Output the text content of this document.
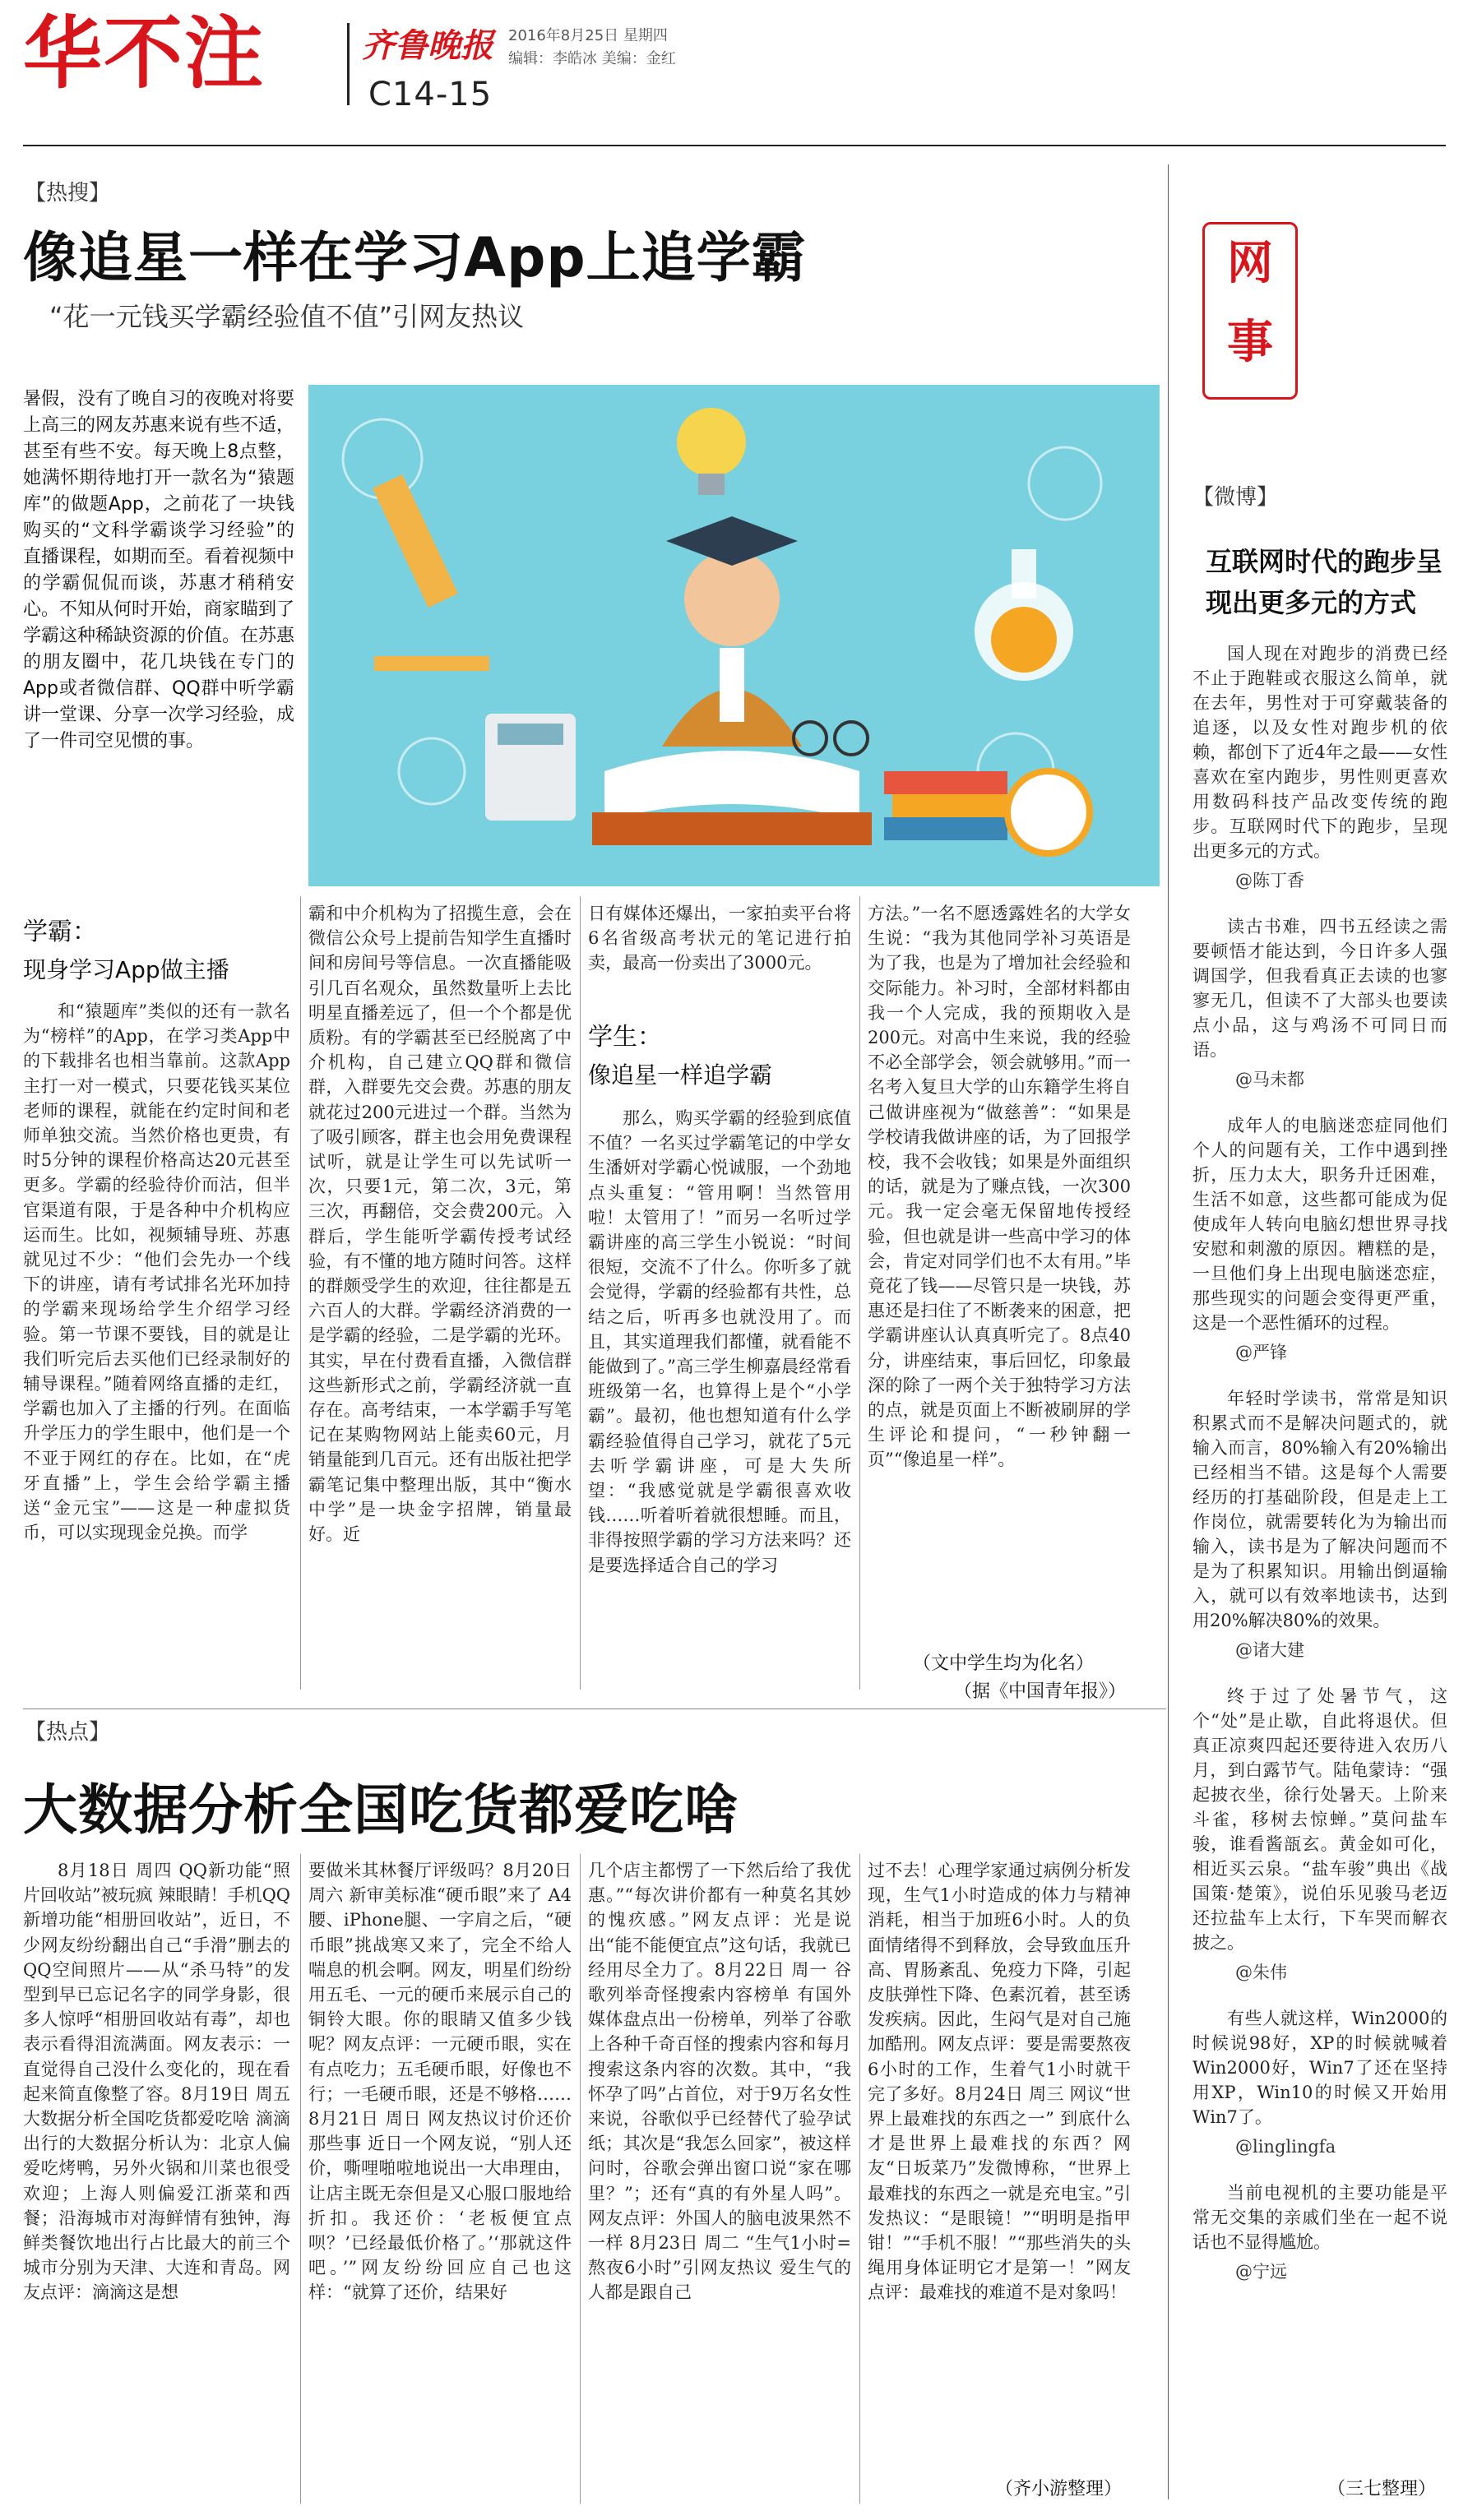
华不注	齐鲁晚报 2016年8月25日 星期四
编辑：李皓冰 美编：金红
C14-15
【热搜】
像追星一样在学习App上追学霸
“花一元钱买学霸经验值不值”引网友热议
暑假，没有了晚自习的夜晚对将要上高三的网友苏惠来说有些不适，甚至有些不安。每天晚上8点整，她满怀期待地打开一款名为“猿题库”的做题App，之前花了一块钱购买的“文科学霸谈学习经验”的直播课程，如期而至。看着视频中的学霸侃侃而谈，苏惠才稍稍安心。不知从何时开始，商家瞄到了学霸这种稀缺资源的价值。在苏惠的朋友圈中，花几块钱在专门的App或者微信群、QQ群中听学霸讲一堂课、分享一次学习经验，成了一件司空见惯的事。
学霸：
现身学习App做主播

和“猿题库”类似的还有一款名为“榜样”的App，在学习类App中的下载排名也相当靠前。这款App主打一对一模式，只要花钱买某位老师的课程，就能在约定时间和老师单独交流。当然价格也更贵，有时5分钟的课程价格高达20元甚至更多。学霸的经验待价而沽，但半官渠道有限，于是各种中介机构应运而生。比如，视频辅导班、苏惠就见过不少：“他们会先办一个线下的讲座，请有考试排名光环加持的学霸来现场给学生介绍学习经验。第一节课不要钱，目的就是让我们听完后去买他们已经录制好的辅导课程。”随着网络直播的走红，学霸也加入了主播的行列。在面临升学压力的学生眼中，他们是一个不亚于网红的存在。比如，在“虎牙直播”上，学生会给学霸主播送“金元宝”——这是一种虚拟货币，可以实现现金兑换。而学

霸和中介机构为了招揽生意，会在微信公众号上提前告知学生直播时间和房间号等信息。一次直播能吸引几百名观众，虽然数量听上去比明星直播差远了，但一个个都是优质粉。有的学霸甚至已经脱离了中介机构，自己建立QQ群和微信群，入群要先交会费。苏惠的朋友就花过200元进过一个群。当然为了吸引顾客，群主也会用免费课程试听，就是让学生可以先试听一次，只要1元，第二次，3元，第三次，再翻倍，交会费200元。入群后，学生能听学霸传授考试经验，有不懂的地方随时问答。这样的群颇受学生的欢迎，往往都是五六百人的大群。学霸经济消费的一是学霸的经验，二是学霸的光环。其实，早在付费看直播，入微信群这些新形式之前，学霸经济就一直存在。高考结束，一本学霸手写笔记在某购物网站上能卖60元，月销量能到几百元。还有出版社把学霸笔记集中整理出版，其中“衡水中学”是一块金字招牌，销量最好。近

日有媒体还爆出，一家拍卖平台将6名省级高考状元的笔记进行拍卖，最高一份卖出了3000元。

学生：
像追星一样追学霸

那么，购买学霸的经验到底值不值？一名买过学霸笔记的中学女生潘妍对学霸心悦诚服，一个劲地点头重复：“管用啊！当然管用啦！太管用了！”而另一名听过学霸讲座的高三学生小锐说：“时间很短，交流不了什么。你听多了就会觉得，学霸的经验都有共性，总结之后，听再多也就没用了。而且，其实道理我们都懂，就看能不能做到了。”高三学生柳嘉晨经常看班级第一名，也算得上是个“小学霸”。最初，他也想知道有什么学霸经验值得自己学习，就花了5元去听学霸讲座，可是大失所望：“我感觉就是学霸很喜欢收钱……听着听着就很想睡。而且，非得按照学霸的学习方法来吗？还是要选择适合自己的学习

方法。”一名不愿透露姓名的大学女生说：“我为其他同学补习英语是为了我，也是为了增加社会经验和交际能力。补习时，全部材料都由我一个人完成，我的预期收入是200元。对高中生来说，我的经验不必全部学会，领会就够用。”而一名考入复旦大学的山东籍学生将自己做讲座视为“做慈善”：“如果是学校请我做讲座的话，为了回报学校，我不会收钱；如果是外面组织的话，就是为了赚点钱，一次300元。我一定会毫无保留地传授经验，但也就是讲一些高中学习的体会，肯定对同学们也不太有用。”毕竟花了钱——尽管只是一块钱，苏惠还是扫住了不断袭来的困意，把学霸讲座认认真真听完了。8点40分，讲座结束，事后回忆，印象最深的除了一两个关于独特学习方法的点，就是页面上不断被刷屏的学生评论和提问，“一秒钟翻一页”“像追星一样”。

（文中学生均为化名）
（据《中国青年报》）
网
事
【微博】
互联网时代的跑步呈现出更多元的方式

国人现在对跑步的消费已经不止于跑鞋或衣服这么简单，就在去年，男性对于可穿戴装备的追逐，以及女性对跑步机的依赖，都创下了近4年之最——女性喜欢在室内跑步，男性则更喜欢用数码科技产品改变传统的跑步。互联网时代下的跑步，呈现出更多元的方式。

@陈丁香

读古书难，四书五经读之需要顿悟才能达到，今日许多人强调国学，但我看真正去读的也寥寥无几，但读不了大部头也要读点小品，这与鸡汤不可同日而语。

@马未都

成年人的电脑迷恋症同他们个人的问题有关，工作中遇到挫折，压力太大，职务升迁困难，生活不如意，这些都可能成为促使成年人转向电脑幻想世界寻找安慰和刺激的原因。糟糕的是，一旦他们身上出现电脑迷恋症，那些现实的问题会变得更严重，这是一个恶性循环的过程。

@严锋

年轻时学读书，常常是知识积累式而不是解决问题式的，就输入而言，80%输入有20%输出已经相当不错。这是每个人需要经历的打基础阶段，但是走上工作岗位，就需要转化为为输出而输入，读书是为了解决问题而不是为了积累知识。用输出倒逼输入，就可以有效率地读书，达到用20%解决80%的效果。

@诸大建

终于过了处暑节气，这个“处”是止歇，自此将退伏。但真正凉爽四起还要待进入农历八月，到白露节气。陆龟蒙诗：“强起披衣坐，徐行处暑天。上阶来斗雀，移树去惊蝉。”莫问盐车骏，谁看酱瓿玄。黄金如可化，相近买云泉。“盐车骏”典出《战国策·楚策》，说伯乐见骏马老迈还拉盐车上太行，下车哭而解衣披之。

@朱伟

有些人就这样，Win2000的时候说98好，XP的时候就喊着Win2000好，Win7了还在坚持用XP，Win10的时候又开始用Win7了。

@linglingfa

当前电视机的主要功能是平常无交集的亲戚们坐在一起不说话也不显得尴尬。

@宁远
（三七整理）
【热点】
大数据分析全国吃货都爱吃啥

8月18日 周四 QQ新功能“照片回收站”被玩疯 辣眼睛！手机QQ新增功能“相册回收站”，近日，不少网友纷纷翻出自己“手滑”删去的QQ空间照片——从“杀马特”的发型到早已忘记名字的同学身影，很多人惊呼“相册回收站有毒”，却也表示看得泪流满面。网友表示：一直觉得自己没什么变化的，现在看起来简直像整了容。8月19日 周五 大数据分析全国吃货都爱吃啥 滴滴出行的大数据分析认为：北京人偏爱吃烤鸭，另外火锅和川菜也很受欢迎；上海人则偏爱江浙菜和西餐；沿海城市对海鲜情有独钟，海鲜类餐饮地出行占比最大的前三个城市分别为天津、大连和青岛。网友点评：滴滴这是想

要做米其林餐厅评级吗？8月20日 周六 新审美标准“硬币眼”来了 A4腰、iPhone腿、一字肩之后，“硬币眼”挑战寒又来了，完全不给人喘息的机会啊。网友，明星们纷纷用五毛、一元的硬币来展示自己的铜铃大眼。你的眼睛又值多少钱呢？网友点评：一元硬币眼，实在有点吃力；五毛硬币眼，好像也不行；一毛硬币眼，还是不够格…… 8月21日 周日 网友热议讨价还价那些事 近日一个网友说，“别人还价，嘶哩啪啦地说出一大串理由，让店主既无奈但是又心服口服地给折扣。我还价：‘老板便宜点呗？’已经最低价格了。’‘那就这件吧。’”网友纷纷回应自己也这样：“就算了还价，结果好

几个店主都愣了一下然后给了我优惠。”“每次讲价都有一种莫名其妙的愧疚感。”网友点评：光是说出“能不能便宜点”这句话，我就已经用尽全力了。8月22日 周一 谷歌列举奇怪搜索内容榜单 有国外媒体盘点出一份榜单，列举了谷歌上各种千奇百怪的搜索内容和每月搜索这条内容的次数。其中，“我怀孕了吗”占首位，对于9万名女性来说，谷歌似乎已经替代了验孕试纸；其次是“我怎么回家”，被这样问时，谷歌会弹出窗口说“家在哪里？”；还有“真的有外星人吗”。网友点评：外国人的脑电波果然不一样 8月23日 周二 “生气1小时=熬夜6小时”引网友热议 爱生气的人都是跟自己

过不去！心理学家通过病例分析发现，生气1小时造成的体力与精神消耗，相当于加班6小时。人的负面情绪得不到释放，会导致血压升高、胃肠紊乱、免疫力下降，引起皮肤弹性下降、色素沉着，甚至诱发疾病。因此，生闷气是对自己施加酷刑。网友点评：要是需要熬夜6小时的工作，生着气1小时就干完了多好。8月24日 周三 网议“世界上最难找的东西之一” 到底什么才是世界上最难找的东西？网友“日坂菜乃”发微博称，“世界上最难找的东西之一就是充电宝。”引发热议：“是眼镜！”“明明是指甲钳！”“手机不服！”“那些消失的头绳用身体证明它才是第一！”网友点评：最难找的难道不是对象吗！

（齐小游整理）
